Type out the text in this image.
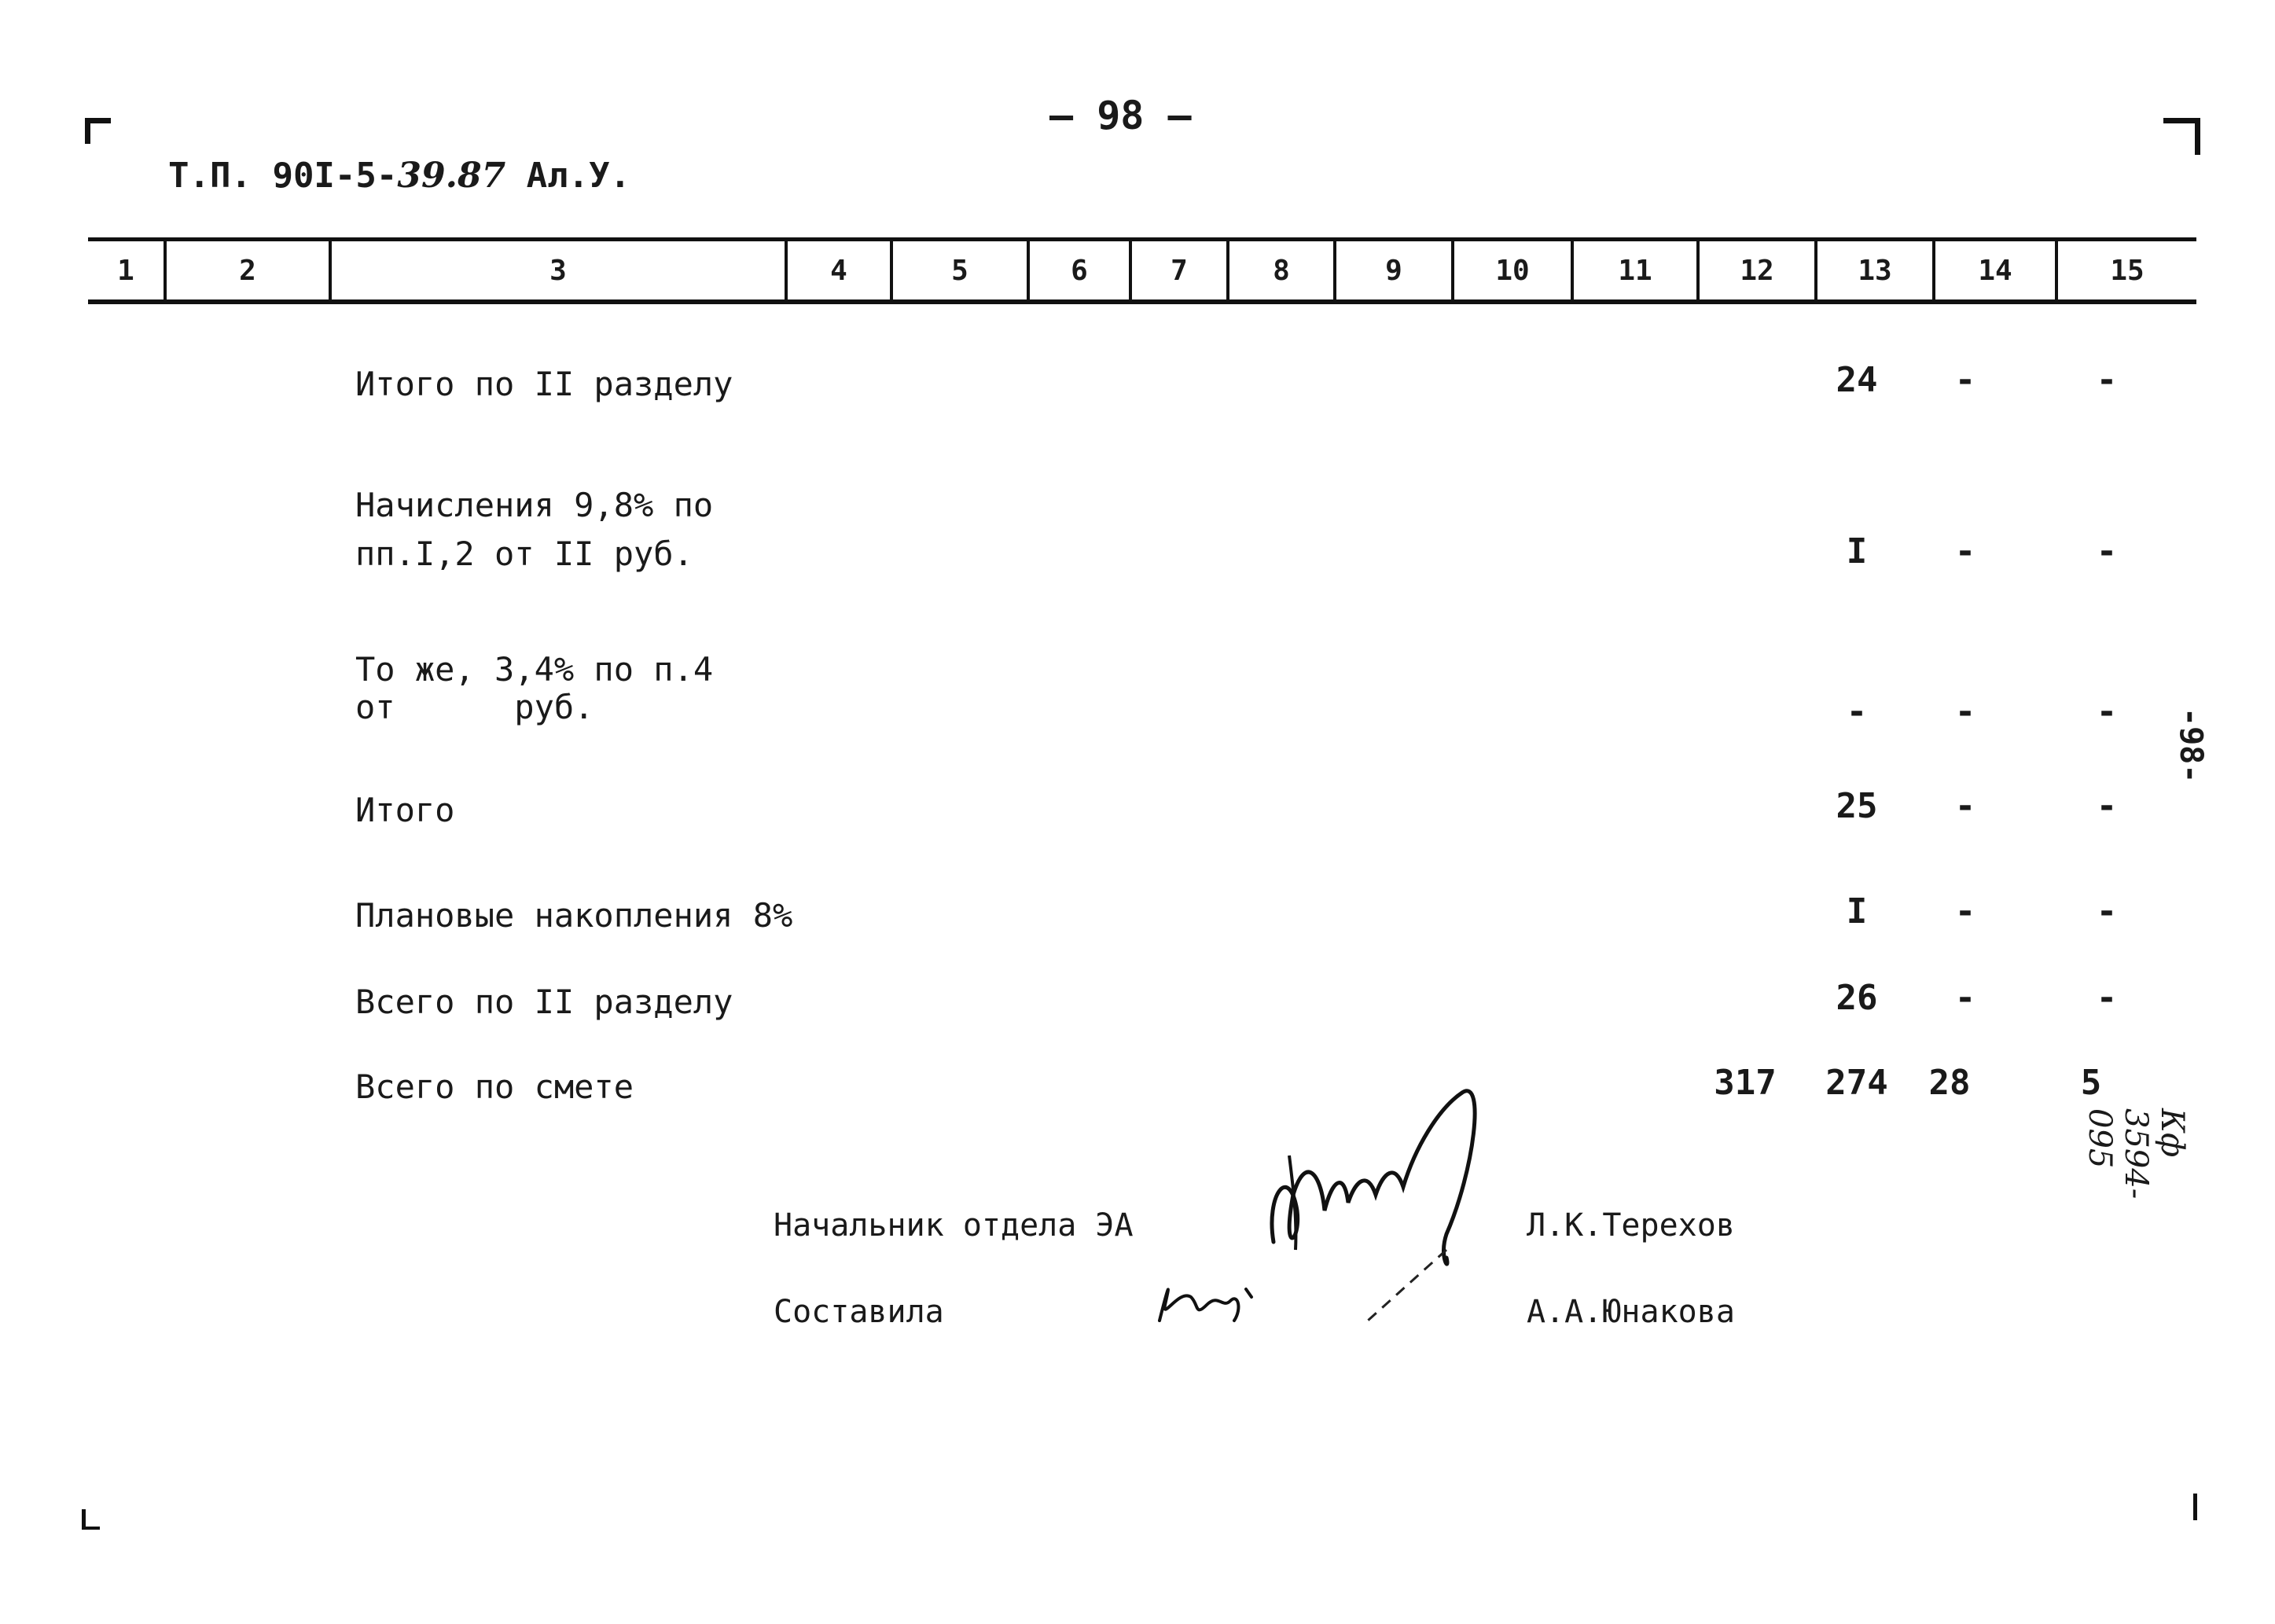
— 98 —
Т.П. 90I-5-39.87 Ал.У.
1	2	3	4	5	6	7	8	9	10	11	12	13	14	15
Итого по II разделу	24	-	-
Начисления 9,8% по
пп.I,2 от II руб.	I	-	-
То же, 3,4% по п.4
от      руб.	-	-	-
Итого	25	-	-
Плановые накопления 8%	I	-	-
Всего по II разделу	26	-	-
Всего по смете	317	274	28	5
Начальник отдела ЭА	Л.К.Терехов
Составила	А.А.Юнакова
-98-
Кф 3594-095
